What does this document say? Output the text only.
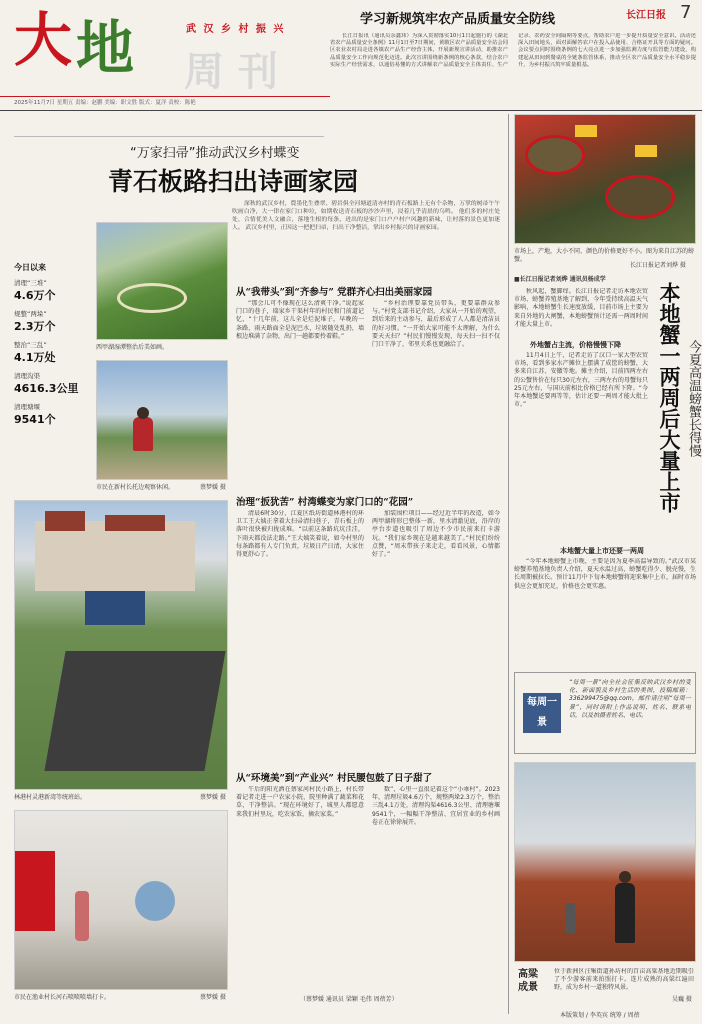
大 地	武 汉 乡 村 振 兴
周 刊
7
长江日报
2025年11月7日 星期五 责编：赵鹏 美编：职文胜 版式：夏洋 责校：陈艳
学习新规筑牢农产品质量安全防线
长江日报讯（通讯员余鑫玮）为深入贯彻落实10月1日起施行的《湖北省农产品质量安全条例》11月1日至7日期间，黄陂区农产品质量安全站会同区农业农村局走进各镇农产品生产经营主体，开展新规宣讲活动，助推农产品质量安全工作向规范化迈进。此次宣讲围绕新条例的核心条款，结合农户实际生产经营需求，以通俗易懂的方式讲解农产品质量安全主体责任、生产记录、农药安全间隔期等要点，帮助农户进一步提升质量安全意识。活动还深入田间地头，面对面解答农户在投入品使用、合格证开具等方面的疑问。会议要点同时围绕条例的七大亮点进一步加强监测力度与监管能力建设，构建起从田间到餐桌的全链条监管体系，推动全区农产品质量安全水平稳步提升，为乡村振兴筑牢质量根基。
“万家扫帚”推动武汉乡村蝶变
青石板路扫出诗画家园
深秋的武汉乡村，農墨化生叠翠、碧岩俱全河塘道清亦村的青石板路上无有个杂物，万掌的树帚午午吹画白净，大一律在家门口种垃，如期收送青石板的沙沙声里，浸着几乎清晨的乌鸣。 他们多的村庄处处，合情优美人文融合，落地生根的每条，迸出的是家门口户户村户风趣的新味，让村落的景色更加迷人。 武汉乡村里，正因这一把把扫帚，扫出干净整洁，掌出乡村振兴的诗画家园。
今日以来
清理“三堆”
4.6万个
规整“两垛”
2.3万个
整治“三乱”
4.1万处
清理沟渠
4616.3公里
清理塘堰
9541个
西甲湖湿潭整治后美如画。
市民在新村长托边观察休闲。	蔡梦媛 摄
林港村灵港新湾等统班站。	蔡梦媛 摄
市民在渔业村长河石喷喷喷墙打卡。	蔡梦媛 摄
从“我带头”到“齐参与” 党群齐心扫出美丽家园
“那会儿可不像现在这么清爽干净。”说起家门口的巷子，瑞家乡干渠村年的村民和门前道记忆，“十几年前，这儿全是烂泥堆子，早晚的一条路，雨天路面全是泥巴水，垃圾随处乱扔，墙根边堆满了杂物，出门一趟都要拎着鞋。”
“乡村治理要靠党员带头，更要靠群众参与。”村党支部书记介绍，大家从一开始的观望，到后来的主动参与，最后形成了人人都是清洁员的好习惯。“一开始大家可能不太理解，为什么要天天扫？”村民们慢慢发现，每天扫一扫不仅门口干净了，邻里关系也更融洽了。
治理“扳犹苦” 村湾蝶变为家门口的“花园”
清晨6时30分，江夏区纸坊街道林港村的环卫工王大姨正拿着大扫帚清扫巷子，青石板上的落叶很快被归拢成堆。“以前这条路坑坑洼洼，下雨天都没法走路。”王大姨笑着说，如今村里的每条路都有人专门负责，垃圾日产日清，大家住得更舒心了。
加装围栏项目——经过近半年的改造，如今两甲湖将形已整体一新，里水清澈见底，沿岸的亭台步道也吸引了周边不少市民前来打卡游玩。“我们家乡现在是越来越美了。”村民们纷纷点赞，“周末带孩子来走走，看看风景，心情都好了。”
从“环境美”到“产业兴” 村民腰包鼓了日子甜了
午后的阳光洒在蔡家河村民小路上，村长带着记者走进一户农家小院，院里种满了蔬菜和花草，干净整洁。“现在环境好了，城里人都愿意来我们村里玩，吃农家饭、摘农家菜。”
数”，心里一直很记着这个“小乖村”。2023年，清理垃圾4.6万个，规整两垛2.3万个，整治三乱4.1万处，清理沟渠4616.3公里、清理塘堰9541个，一幅幅干净整洁、宜居宜业的乡村画卷正在徐徐展开。
（蔡梦媛 通讯员 梁颖 毛伟 周蓓芳）
市场上，产地，大小不同、颜色的价格更好不小。图为来自江苏的螃蟹。
长江日报记者刘烨 摄
本地蟹一两周后大量上市 今夏高温螃蟹长得慢
■长江日报记者刘烨 通讯员杨成学
秋风起，蟹脚痒。长江日报记者走访本地农贸市场、螃蟹养殖基地了解到，今年受持续高温天气影响，本地螃蟹生长速度放缓，目前市场上主要为来自外地的大闸蟹，本地螃蟹预计还需一两周时间才能大量上市。
外地蟹占主流，价格慢慢下降
11月4日上午，记者走访了汉口一家大型农贸市场，看到多家水产摊位上摆满了成筐的螃蟹，大多来自江苏、安徽等地。摊主介绍，目前四两左右的公蟹售价在每只30元左右，三两左右的母蟹每只25元左右，与国庆前相比价格已经有所下降。“今年本地蟹还要再等等，估计还要一两周才能大批上市。”
本地蟹大量上市还要一两周
“今年本地螃蟹上市晚，主要是因为夏季高温导致的。”武汉市某螃蟹养殖基地负责人介绍，夏天水温过高，螃蟹吃得少、脱壳慢，生长周期被拉长。预计11月中下旬本地螃蟹将迎来集中上市，届时市场供应会更加充足，价格也会更实惠。
每周一景
“每周一景”向全社会征集反映武汉乡村的变化、新面貌及乡村生活的美图，投稿邮箱：336299475@qq.com，邮件请注明“每周一景”，同时请附上作品说明、姓名、联系电话，以及拍摄者姓名、电话。
高粱成景
位于新洲区汪集街道孙坊村的百亩高粱基地近期吸引了不少游客前来拍照打卡。连片成熟的高粱红遍田野，成为乡村一道独特风景。
吴巍 摄
本版策划 / 李英宾 统筹 / 周蓓
